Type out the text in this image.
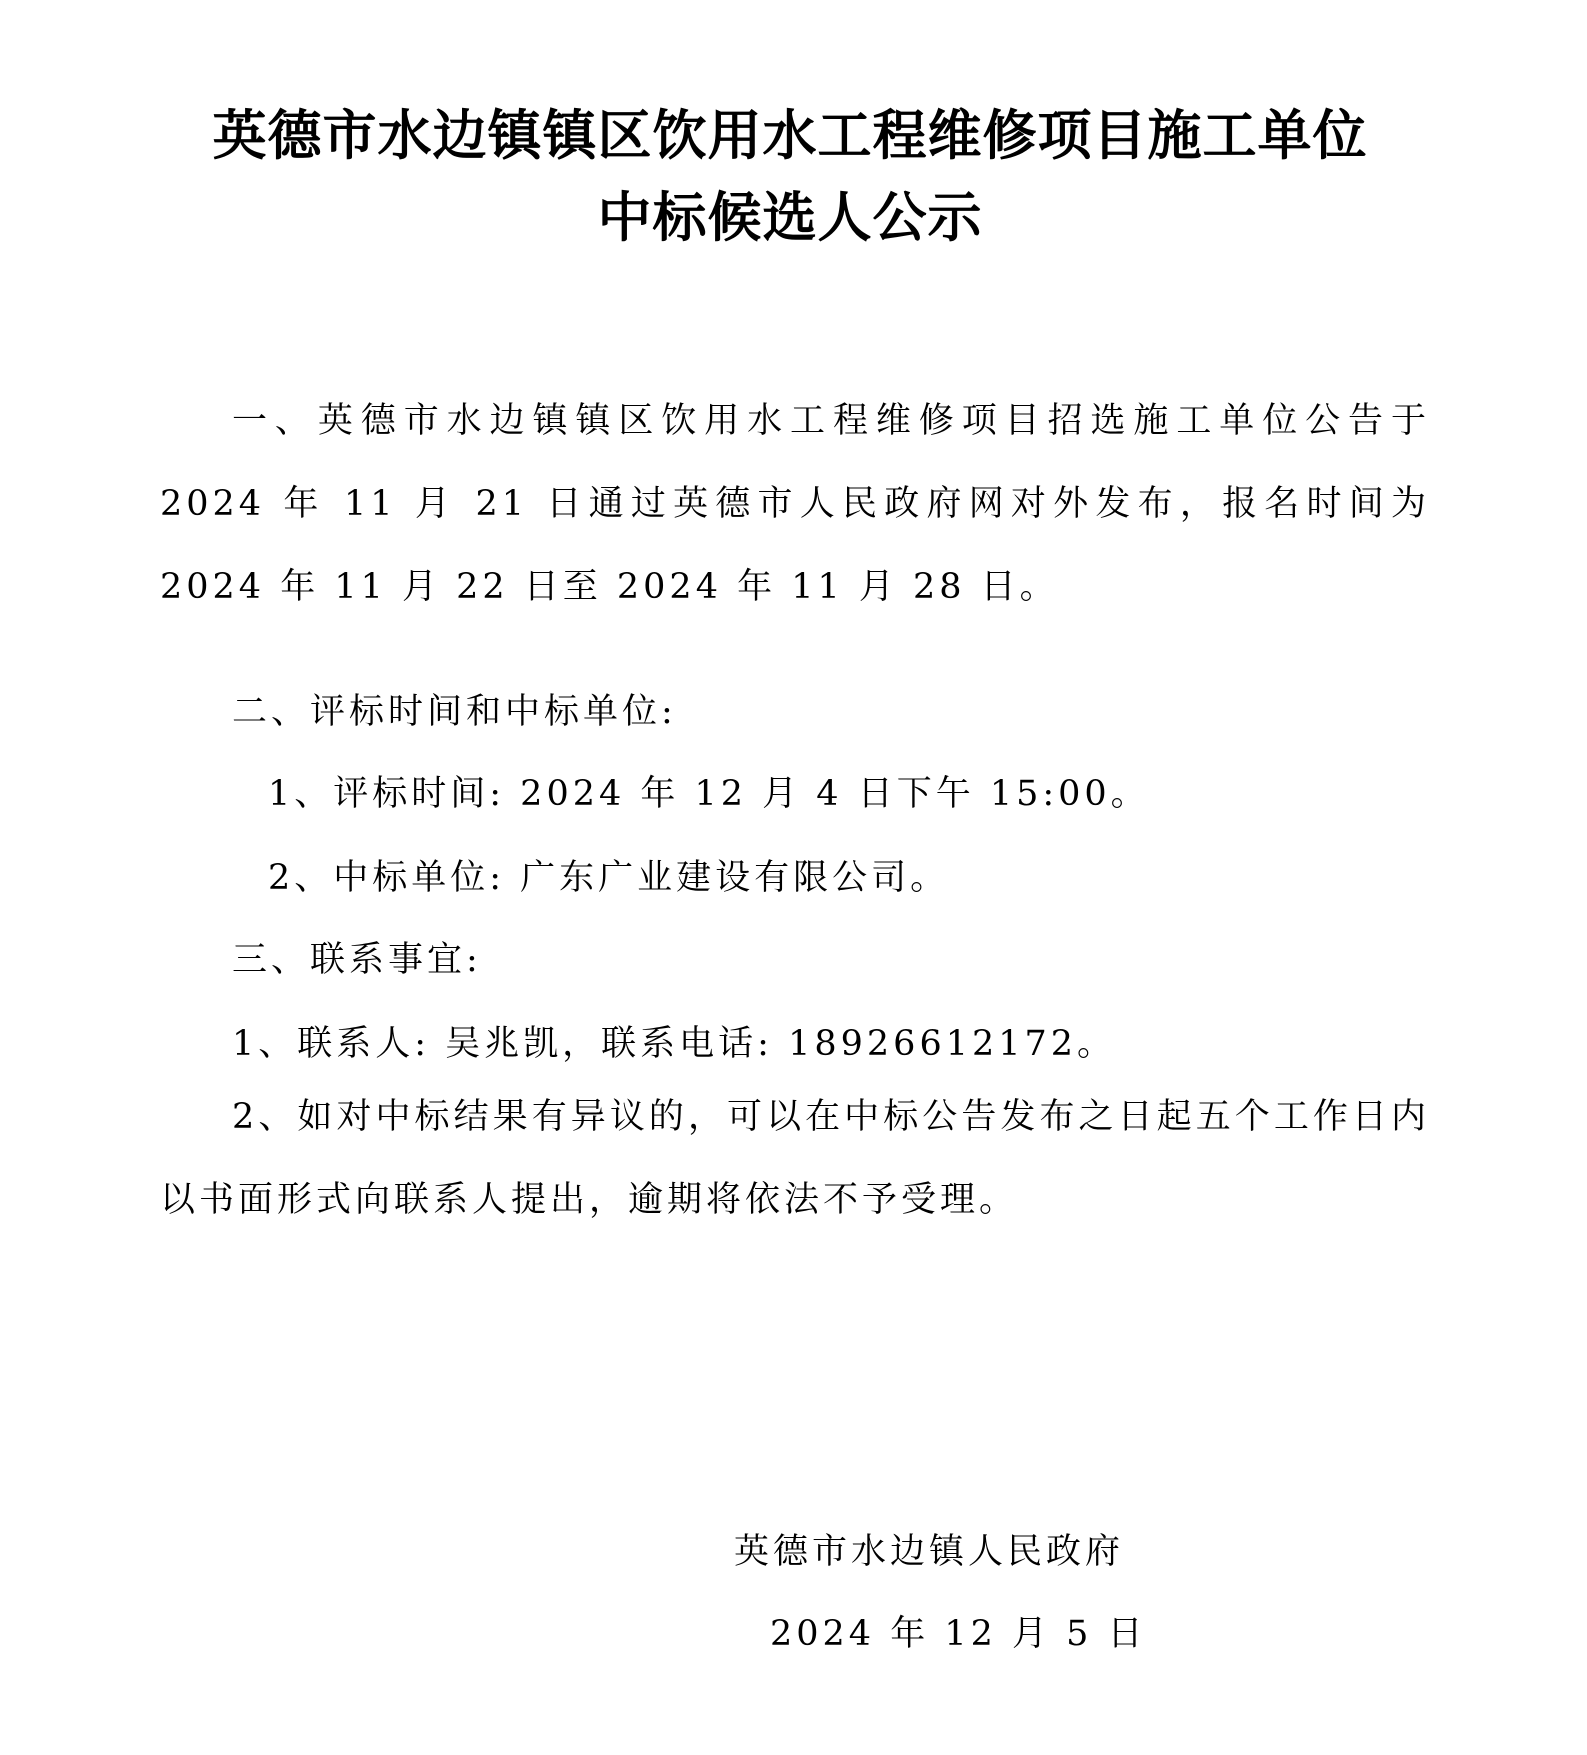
英德市水边镇镇区饮用水工程维修项目施工单位
中标候选人公示
一、英德市水边镇镇区饮用水工程维修项目招选施工单位公告于 2024 年 11 月 21 日通过英德市人民政府网对外发布，报名时间为 2024 年 11 月 22 日至 2024 年 11 月 28 日。
二、评标时间和中标单位:
1、评标时间: 2024 年 12 月 4 日下午 15:00。
2、中标单位: 广东广业建设有限公司。
三、联系事宜:
1、联系人: 吴兆凯，联系电话: 18926612172。
2、如对中标结果有异议的，可以在中标公告发布之日起五个工作日内以书面形式向联系人提出，逾期将依法不予受理。
英德市水边镇人民政府
2024 年 12 月 5 日
